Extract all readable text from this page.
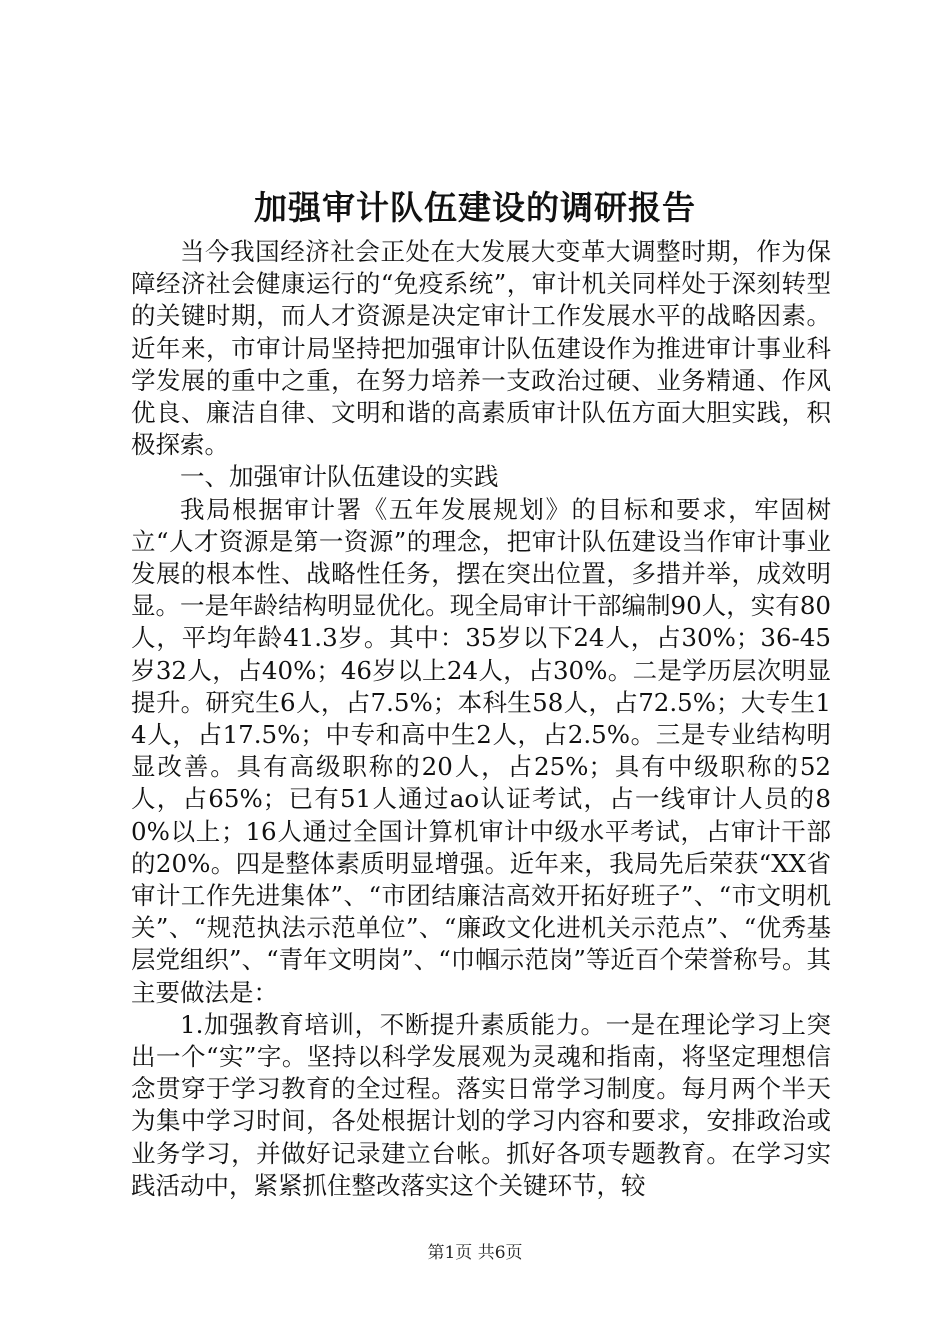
加强审计队伍建设的调研报告

当今我国经济社会正处在大发展大变革大调整时期，作为保障经济社会健康运行的“免疫系统”，审计机关同样处于深刻转型的关键时期，而人才资源是决定审计工作发展水平的战略因素。近年来，市审计局坚持把加强审计队伍建设作为推进审计事业科学发展的重中之重，在努力培养一支政治过硬、业务精通、作风优良、廉洁自律、文明和谐的高素质审计队伍方面大胆实践，积极探索。

一、加强审计队伍建设的实践

我局根据审计署《五年发展规划》的目标和要求，牢固树立“人才资源是第一资源”的理念，把审计队伍建设当作审计事业发展的根本性、战略性任务，摆在突出位置，多措并举，成效明显。一是年龄结构明显优化。现全局审计干部编制90人，实有80人，平均年龄41.3岁。其中：35岁以下24人，占30%；36-45岁32人，占40%；46岁以上24人，占30%。二是学历层次明显提升。研究生6人，占7.5%；本科生58人，占72.5%；大专生14人，占17.5%；中专和高中生2人，占2.5%。三是专业结构明显改善。具有高级职称的20人，占25%；具有中级职称的52人，占65%；已有51人通过ao认证考试，占一线审计人员的80%以上；16人通过全国计算机审计中级水平考试，占审计干部的20%。四是整体素质明显增强。近年来，我局先后荣获“XX省审计工作先进集体”、“市团结廉洁高效开拓好班子”、“市文明机关”、“规范执法示范单位”、“廉政文化进机关示范点”、“优秀基层党组织”、“青年文明岗”、“巾帼示范岗”等近百个荣誉称号。其主要做法是：

1.加强教育培训，不断提升素质能力。一是在理论学习上突出一个“实”字。坚持以科学发展观为灵魂和指南，将坚定理想信念贯穿于学习教育的全过程。落实日常学习制度。每月两个半天为集中学习时间，各处根据计划的学习内容和要求，安排政治或业务学习，并做好记录建立台帐。抓好各项专题教育。在学习实践活动中，紧紧抓住整改落实这个关键环节，较

第1页 共6页
